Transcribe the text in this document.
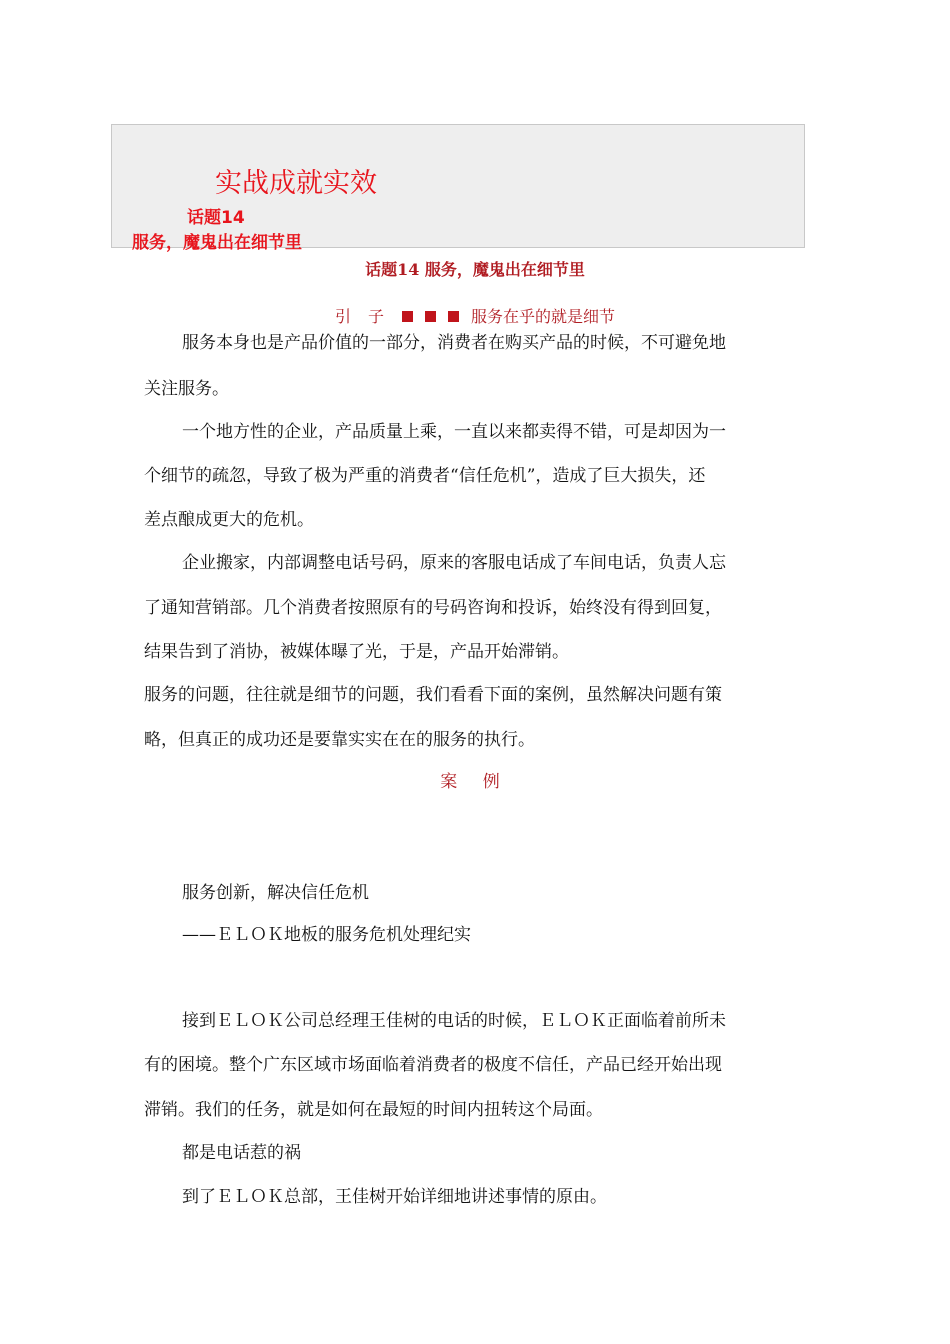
实战成就实效
话题14
服务，魔鬼出在细节里
话题14 服务，魔鬼出在细节里
引 子	服务在乎的就是细节
服务本身也是产品价值的一部分，消费者在购买产品的时候，不可避免地
关注服务。
一个地方性的企业，产品质量上乘，一直以来都卖得不错，可是却因为一
个细节的疏忽，导致了极为严重的消费者“信任危机”，造成了巨大损失，还
差点酿成更大的危机。
企业搬家，内部调整电话号码，原来的客服电话成了车间电话，负责人忘
了通知营销部。几个消费者按照原有的号码咨询和投诉，始终没有得到回复，
结果告到了消协，被媒体曝了光，于是，产品开始滞销。
服务的问题，往往就是细节的问题，我们看看下面的案例，虽然解决问题有策
略，但真正的成功还是要靠实实在在的服务的执行。
案 例
服务创新，解决信任危机
——ＥＬＯＫ地板的服务危机处理纪实
接到ＥＬＯＫ公司总经理王佳树的电话的时候，ＥＬＯＫ正面临着前所未
有的困境。整个广东区域市场面临着消费者的极度不信任，产品已经开始出现
滞销。我们的任务，就是如何在最短的时间内扭转这个局面。
都是电话惹的祸
到了ＥＬＯＫ总部，王佳树开始详细地讲述事情的原由。
